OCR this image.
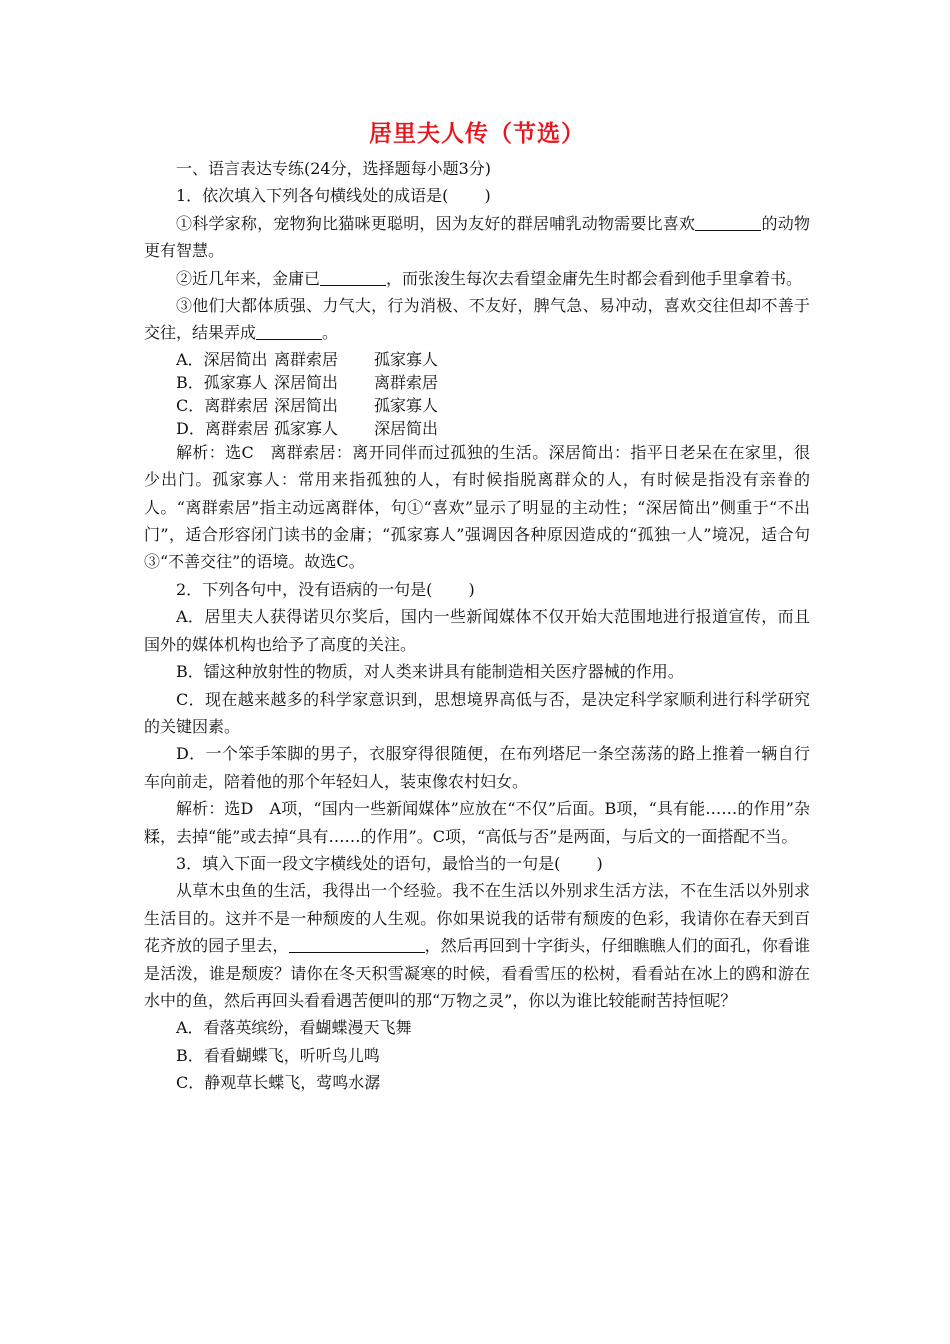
居里夫人传（节选）

一、语言表达专练(24分，选择题每小题3分)

1．依次填入下列各句横线处的成语是( )

①科学家称，宠物狗比猫咪更聪明，因为友好的群居哺乳动物需要比喜欢	的动物更有智慧。

②近几年来，金庸已	，而张浚生每次去看望金庸先生时都会看到他手里拿着书。

③他们大都体质强、力气大，行为消极、不友好，脾气急、易冲动，喜欢交往但却不善于交往，结果弄成	。

A．深居简出 离群索居	孤家寡人
B．孤家寡人 深居简出	离群索居
C．离群索居 深居简出	孤家寡人
D．离群索居 孤家寡人	深居简出

解析：选C　离群索居：离开同伴而过孤独的生活。深居简出：指平日老呆在在家里，很少出门。孤家寡人：常用来指孤独的人，有时候指脱离群众的人，有时候是指没有亲眷的人。“离群索居”指主动远离群体，句①“喜欢”显示了明显的主动性；“深居简出”侧重于“不出门”，适合形容闭门读书的金庸；“孤家寡人”强调因各种原因造成的“孤独一人”境况，适合句③“不善交往”的语境。故选C。

2．下列各句中，没有语病的一句是( )

A．居里夫人获得诺贝尔奖后，国内一些新闻媒体不仅开始大范围地进行报道宣传，而且国外的媒体机构也给予了高度的关注。

B．镭这种放射性的物质，对人类来讲具有能制造相关医疗器械的作用。

C．现在越来越多的科学家意识到，思想境界高低与否，是决定科学家顺利进行科学研究的关键因素。

D．一个笨手笨脚的男子，衣服穿得很随便，在布列塔尼一条空荡荡的路上推着一辆自行车向前走，陪着他的那个年轻妇人，装束像农村妇女。

解析：选D　A项，“国内一些新闻媒体”应放在“不仅”后面。B项，“具有能……的作用”杂糅，去掉“能”或去掉“具有……的作用”。C项，“高低与否”是两面，与后文的一面搭配不当。

3．填入下面一段文字横线处的语句，最恰当的一句是( )

从草木虫鱼的生活，我得出一个经验。我不在生活以外别求生活方法，不在生活以外别求生活目的。这并不是一种颓废的人生观。你如果说我的话带有颓废的色彩，我请你在春天到百花齐放的园子里去，	，然后再回到十字街头，仔细瞧瞧人们的面孔，你看谁是活泼，谁是颓废？请你在冬天积雪凝寒的时候，看看雪压的松树，看看站在冰上的鸥和游在水中的鱼，然后再回头看看遇苦便叫的那“万物之灵”，你以为谁比较能耐苦持恒呢？

A．看落英缤纷，看蝴蝶漫天飞舞

B．看看蝴蝶飞，听听鸟儿鸣

C．静观草长蝶飞，莺鸣水潺
